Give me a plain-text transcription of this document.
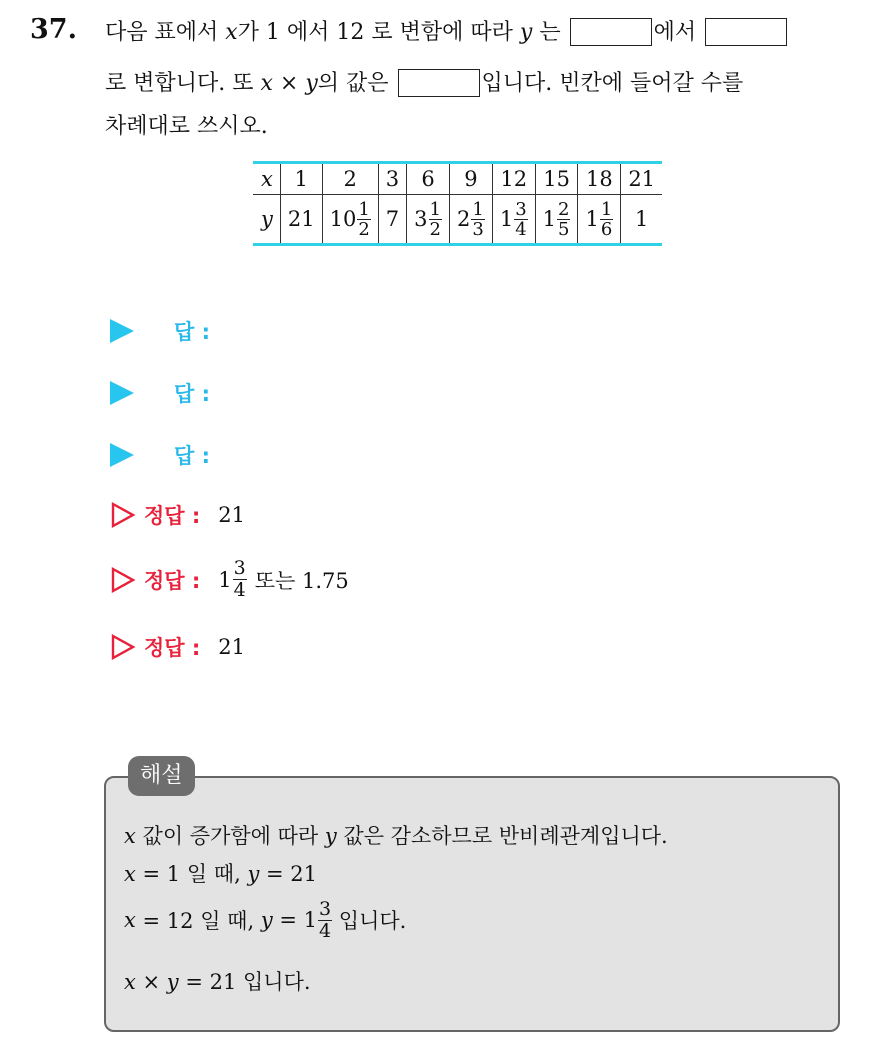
37. 다음 표에서 x가 1 에서 12 로 변함에 따라 y 는	에서
로 변합니다. 또 x × y의 값은	입니다. 빈칸에 들어갈 수를
차례대로 쓰시오.
x	1	2	3	6	9	12	15	18	21
y	21	$10 \frac{1}{2}$	7	$3 \frac{1}{2}$	$2 \frac{1}{3}$	$1 \frac{3}{4}$	$1 \frac{2}{5}$	$1 \frac{1}{6}$	1
답 :
답 :
답 :
정답 : 21
정답 : $1 \frac{3}{4}$ 또는 1.75
정답 : 21
해설
x 값이 증가함에 따라 y 값은 감소하므로 반비례관계입니다.
x = 1 일 때, y = 21
x
= 12 일 때,
y
= $1 \frac{3}{4}$
입니다.
x × y = 21 입니다.
